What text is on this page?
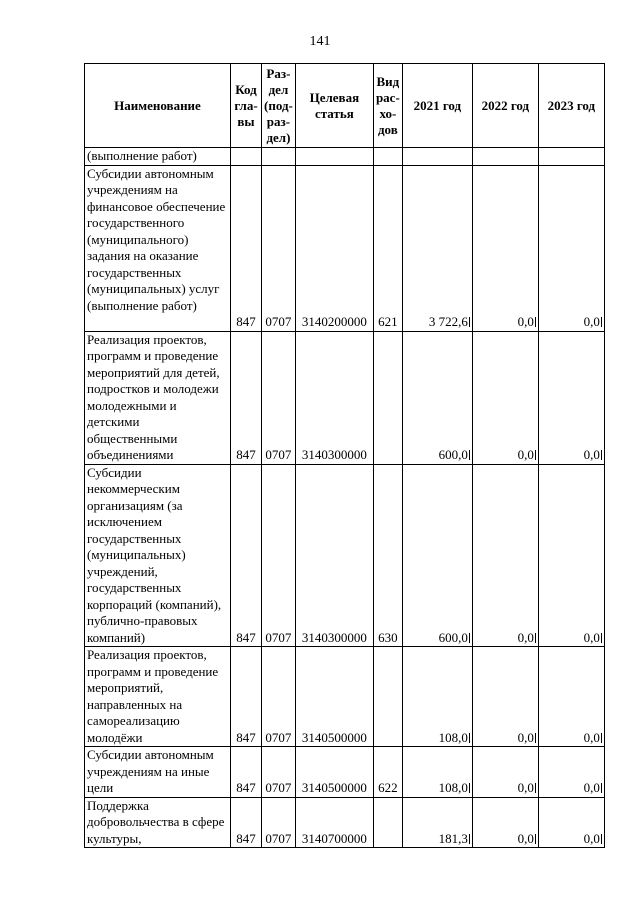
141
Наименование	Код
гла-
вы	Раз-
дел
(под-
раз-
дел)	Целевая
статья	Вид
рас-
хо-
дов	2021 год	2022 год	2023 год
(выполнение работ)							
Субсидии автономным учреждениям на финансовое обеспечение государственного (муниципального) задания на оказание государственных (муниципальных) услуг (выполнение работ)	847	0707	3140200000	621	3 722,6	0,0	0,0
Реализация проектов, программ и проведение мероприятий для детей, подростков и молодежи молодежными и детскими общественными объединениями	847	0707	3140300000		600,0	0,0	0,0
Субсидии некоммерческим организациям (за исключением государственных (муниципальных) учреждений, государственных корпораций (компаний), публично-правовых компаний)	847	0707	3140300000	630	600,0	0,0	0,0
Реализация проектов, программ и проведение мероприятий, направленных на самореализацию молодёжи	847	0707	3140500000		108,0	0,0	0,0
Субсидии автономным учреждениям на иные цели	847	0707	3140500000	622	108,0	0,0	0,0
Поддержка добровольчества в сфере культуры,	847	0707	3140700000		181,3	0,0	0,0
